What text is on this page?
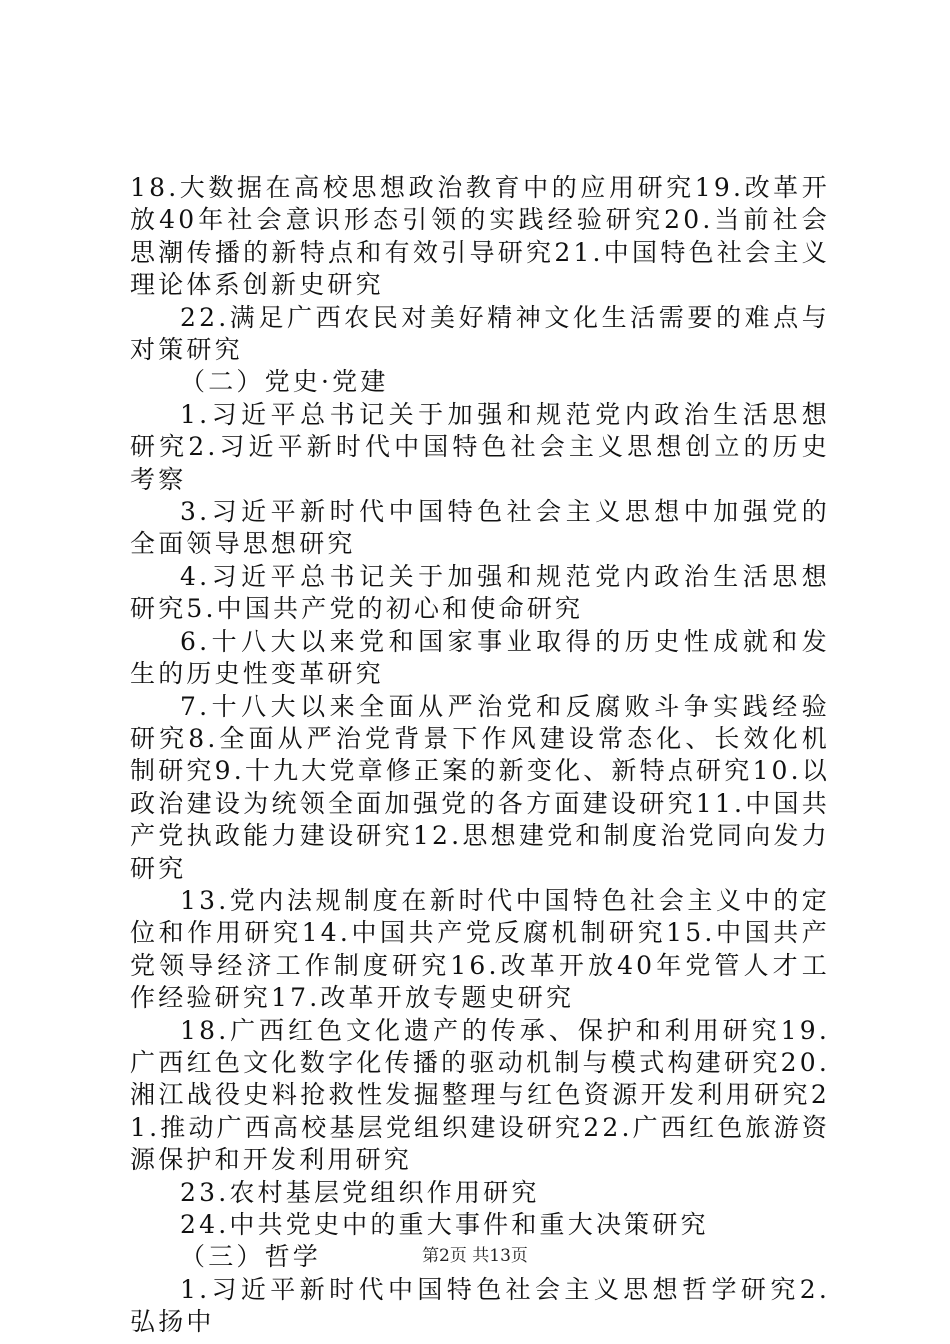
18.大数据在高校思想政治教育中的应用研究19.改革开放40年社会意识形态引领的实践经验研究20.当前社会思潮传播的新特点和有效引导研究21.中国特色社会主义理论体系创新史研究

22.满足广西农民对美好精神文化生活需要的难点与对策研究

（二）党史·党建

1.习近平总书记关于加强和规范党内政治生活思想研究2.习近平新时代中国特色社会主义思想创立的历史考察

3.习近平新时代中国特色社会主义思想中加强党的全面领导思想研究

4.习近平总书记关于加强和规范党内政治生活思想研究5.中国共产党的初心和使命研究

6.十八大以来党和国家事业取得的历史性成就和发生的历史性变革研究

7.十八大以来全面从严治党和反腐败斗争实践经验研究8.全面从严治党背景下作风建设常态化、长效化机制研究9.十九大党章修正案的新变化、新特点研究10.以政治建设为统领全面加强党的各方面建设研究11.中国共产党执政能力建设研究12.思想建党和制度治党同向发力研究

13.党内法规制度在新时代中国特色社会主义中的定位和作用研究14.中国共产党反腐机制研究15.中国共产党领导经济工作制度研究16.改革开放40年党管人才工作经验研究17.改革开放专题史研究

18.广西红色文化遗产的传承、保护和利用研究19.广西红色文化数字化传播的驱动机制与模式构建研究20.湘江战役史料抢救性发掘整理与红色资源开发利用研究21.推动广西高校基层党组织建设研究22.广西红色旅游资源保护和开发利用研究

23.农村基层党组织作用研究

24.中共党史中的重大事件和重大决策研究

（三）哲学

1.习近平新时代中国特色社会主义思想哲学研究2.弘扬中

第2页 共13页
